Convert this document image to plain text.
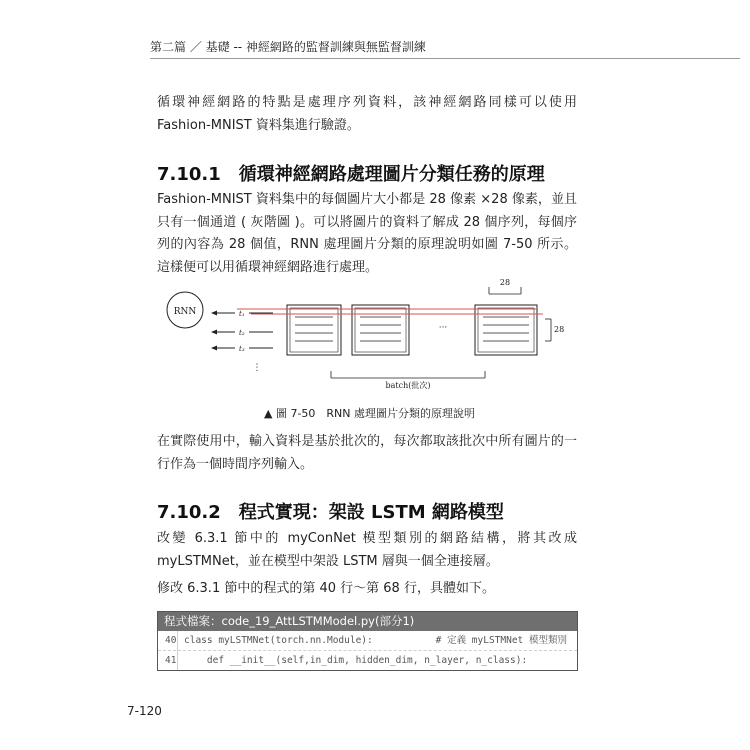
第二篇 ／ 基礎 -- 神經網路的監督訓練與無監督訓練

循環神經網路的特點是處理序列資料，該神經網路同樣可以使用 Fashion-MNIST 資料集進行驗證。

7.10.1　循環神經網路處理圖片分類任務的原理

Fashion-MNIST 資料集中的每個圖片大小都是 28 像素 ×28 像素，並且只有一個通道 ( 灰階圖 )。可以將圖片的資料了解成 28 個序列，每個序列的內容為 28 個值，RNN 處理圖片分類的原理說明如圖 7-50 所示。這樣便可以用循環神經網路進行處理。

RNN	t₁
t₂
t₃
⋮
···
28
28
batch(批次)
▲ 圖 7-50　RNN 處理圖片分類的原理說明

在實際使用中，輸入資料是基於批次的，每次都取該批次中所有圖片的一行作為一個時間序列輸入。

7.10.2　程式實現：架設 LSTM 網路模型

改變 6.3.1 節中的 myConNet 模型類別的網路結構，將其改成 myLSTMNet，並在模型中架設 LSTM 層與一個全連接層。

修改 6.3.1 節中的程式的第 40 行～第 68 行，具體如下。

程式檔案：code_19_AttLSTMModel.py(部分1)
40 class myLSTMNet(torch.nn.Module):	# 定義 myLSTMNet 模型類別
41 def __init__(self,in_dim, hidden_dim, n_layer, n_class):
7-120
